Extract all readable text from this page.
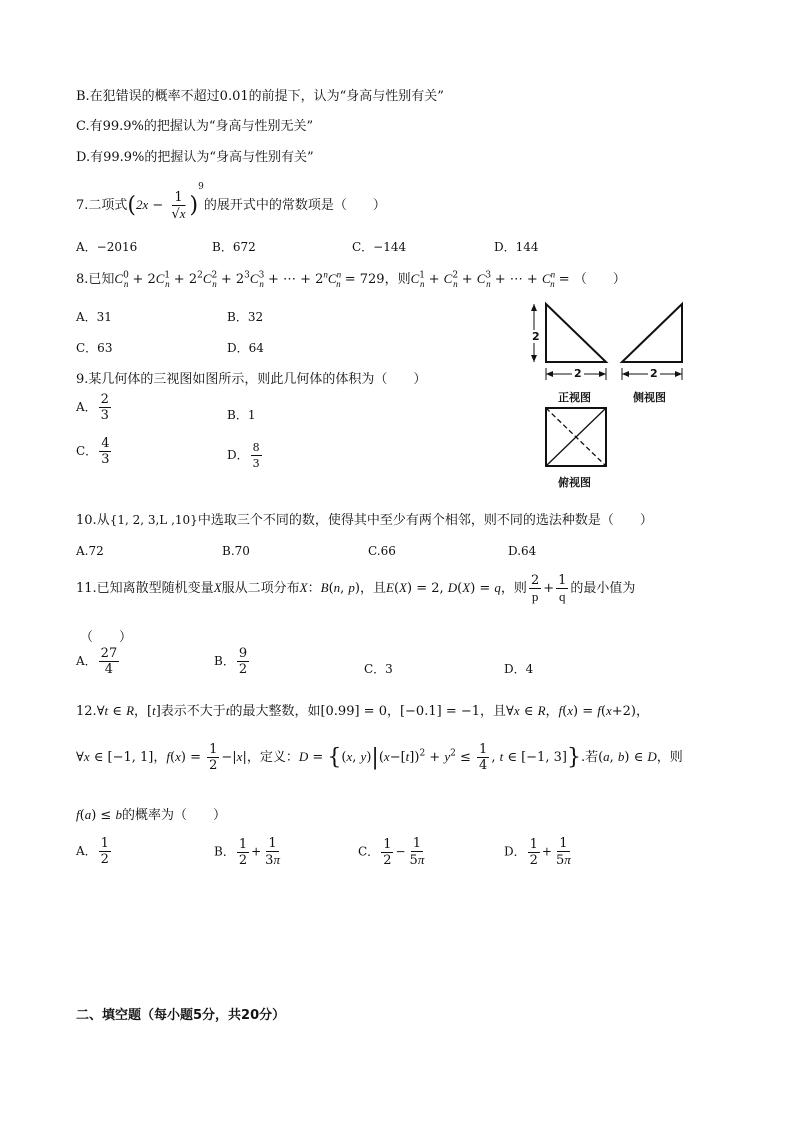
B.在犯错误的概率不超过0.01的前提下，认为“身高与性别有关”
C.有99.9%的把握认为“身高与性别无关”
D.有99.9%的把握认为“身高与性别有关”
7.二项式$(2x - \frac{1}{√x} )^9$的展开式中的常数项是（　　）
A．−2016	B．672	C．−144	D．144
8.已知$C^0_n + 2C^1_n + 2^2C^2_n + 2^3C^3_n$ + ⋯ + $2^nC^n_n = 729$，则$C^1_n + C^2_n + C^3_n$ + ⋯ + $C^n_n$ = （　　）
A．31	B．32
C．63	D．64
9.某几何体的三视图如图所示，则此几何体的体积为（　　）
A． $\frac{2}{3}$	B．1
C． $\frac{4}{3}$	D． $\frac{8}{3}$
2
2	2
正视图	侧视图
俯视图
10.从{1, 2, 3,L ,10}中选取三个不同的数，使得其中至少有两个相邻，则不同的选法种数是（　　）
A.72	B.70	C.66	D.64
11.已知离散型随机变量X服从二项分布X：B(n, p)，且E(X) = 2, D(X) = q，则 $\frac{2}{p} + \frac{1}{q}$ 的最小值为
（　　）
A． $\frac{27}{4}$	B． $\frac{9}{2}$	C．3	D．4
12.∀t ∈ R，[t]表示不大于t的最大整数，如[0.99] = 0，[−0.1] = −1，且∀x ∈ R，f(x) = f(x+2)，
∀x ∈ [−1, 1]，$f(x) = \frac{1}{2} -|x|$，定义：D = {(x, $y)|(x-[t])^2 + y^2 \le \frac{1}{4}$ , t ∈ [−1, 3]}.若(a, b) ∈ D，则
f(a) ≤ b的概率为（　　）
A． $\frac{1}{2}$	B． $\frac{1}{2} + \frac{1}{3\pi}$	C． $\frac{1}{2} - \frac{1}{5\pi}$	D． $\frac{1}{2} + \frac{1}{5\pi}$
二、填空题（每小题5分，共20分）
